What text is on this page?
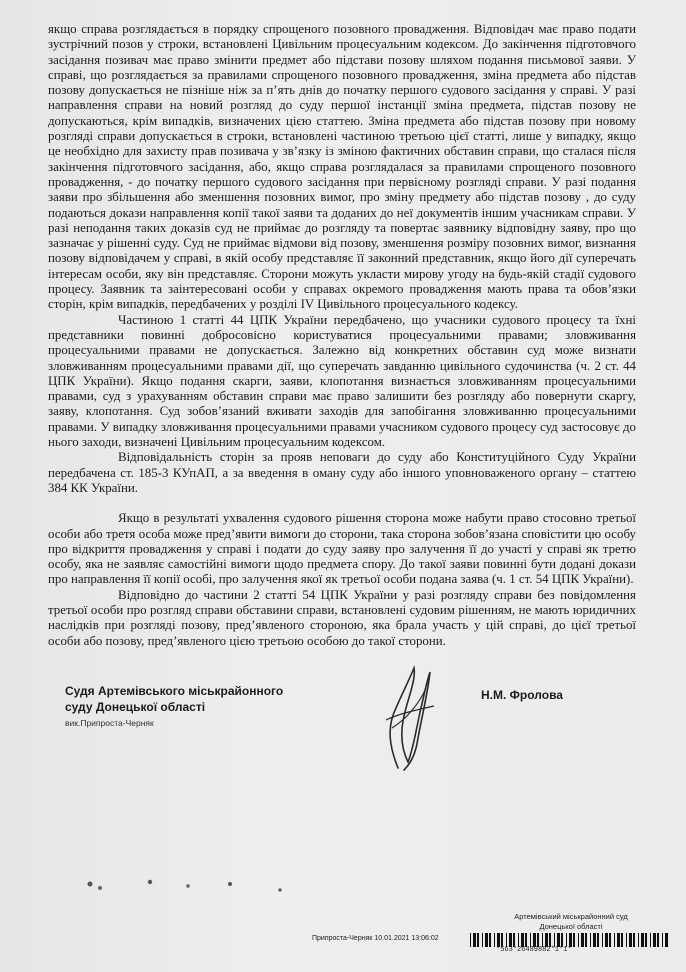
якщо справа розглядається в порядку спрощеного позовного провадження. Відповідач має право подати зустрічний позов у строки, встановлені Цивільним процесуальним кодексом. До закінчення підготовчого засідання позивач має право змінити предмет або підстави позову шляхом подання письмової заяви. У справі, що розглядається за правилами спрощеного позовного провадження, зміна предмета або підстав позову допускається не пізніше ніж за п’ять днів до початку першого судового засідання у справі. У разі направлення справи на новий розгляд до суду першої інстанції зміна предмета, підстав позову не допускаються, крім випадків, визначених цією статтею. Зміна предмета або підстав позову при новому розгляді справи допускається в строки, встановлені частиною третьою цієї статті, лише у випадку, якщо це необхідно для захисту прав позивача у зв’язку із зміною фактичних обставин справи, що сталася після закінчення підготовчого засідання, або, якщо справа розглядалася за правилами спрощеного позовного провадження, - до початку першого судового засідання при первісному розгляді справи. У разі подання заяви про збільшення або зменшення позовних вимог, про зміну предмету або підстав позову , до суду подаються докази направлення копії такої заяви та доданих до неї документів іншим учасникам справи. У разі неподання таких доказів суд не приймає до розгляду та повертає заявнику відповідну заяву, про що зазначає у рішенні суду. Суд не приймає відмови від позову, зменшення розміру позовних вимог, визнання позову відповідачем у справі, в якій особу представляє її законний представник, якщо його дії суперечать інтересам особи, яку він представляє. Сторони можуть укласти мирову угоду на будь-якій стадії судового процесу. Заявник та заінтересовані особи у справах окремого провадження мають права та обов’язки сторін, крім випадків, передбачених у розділі IV Цивільного процесуального кодексу.

Частиною 1 статті 44 ЦПК України передбачено, що учасники судового процесу та їхні представники повинні добросовісно користуватися процесуальними правами; зловживання процесуальними правами не допускається. Залежно від конкретних обставин суд може визнати зловживанням процесуальними правами дії, що суперечать завданню цивільного судочинства (ч. 2 ст. 44 ЦПК України). Якщо подання скарги, заяви, клопотання визнається зловживанням процесуальними правами, суд з урахуванням обставин справи має право залишити без розгляду або повернути скаргу, заяву, клопотання. Суд зобов’язаний вживати заходів для запобігання зловживанню процесуальними правами. У випадку зловживання процесуальними правами учасником судового процесу суд застосовує до нього заходи, визначені Цивільним процесуальним кодексом.

Відповідальність сторін за прояв неповаги до суду або Конституційного Суду України передбачена ст. 185-3 КУпАП, а за введення в оману суду або іншого уповноваженого органу – статтею 384 КК України.

Якщо в результаті ухвалення судового рішення сторона може набути право стосовно третьої особи або третя особа може пред’явити вимоги до сторони, така сторона зобов’язана сповістити цю особу про відкриття провадження у справі і подати до суду заяву про залучення її до участі у справі як третю особу, яка не заявляє самостійні вимоги щодо предмета спору. До такої заяви повинні бути додані докази про направлення її копії особі, про залучення якої як третьої особи подана заява (ч. 1 ст. 54 ЦПК України).

Відповідно до частини 2 статті 54 ЦПК України у разі розгляду справи без повідомлення третьої особи про розгляд справи обставини справи, встановлені судовим рішенням, не мають юридичних наслідків при розгляді позову, пред’явленого стороною, яка брала участь у цій справі, до цієї третьої особи або позову, пред’явленого цією третьою особою до такої сторони.

Судя Артемівського міськрайонного
суду Донецької області
вик.Припроста-Черняк
Н.М. Фролова
Артемівський міськрайонний суд
Донецької області
Припроста-Черняк 10.01.2021 13:06:02
*563*26489882*1*1*
